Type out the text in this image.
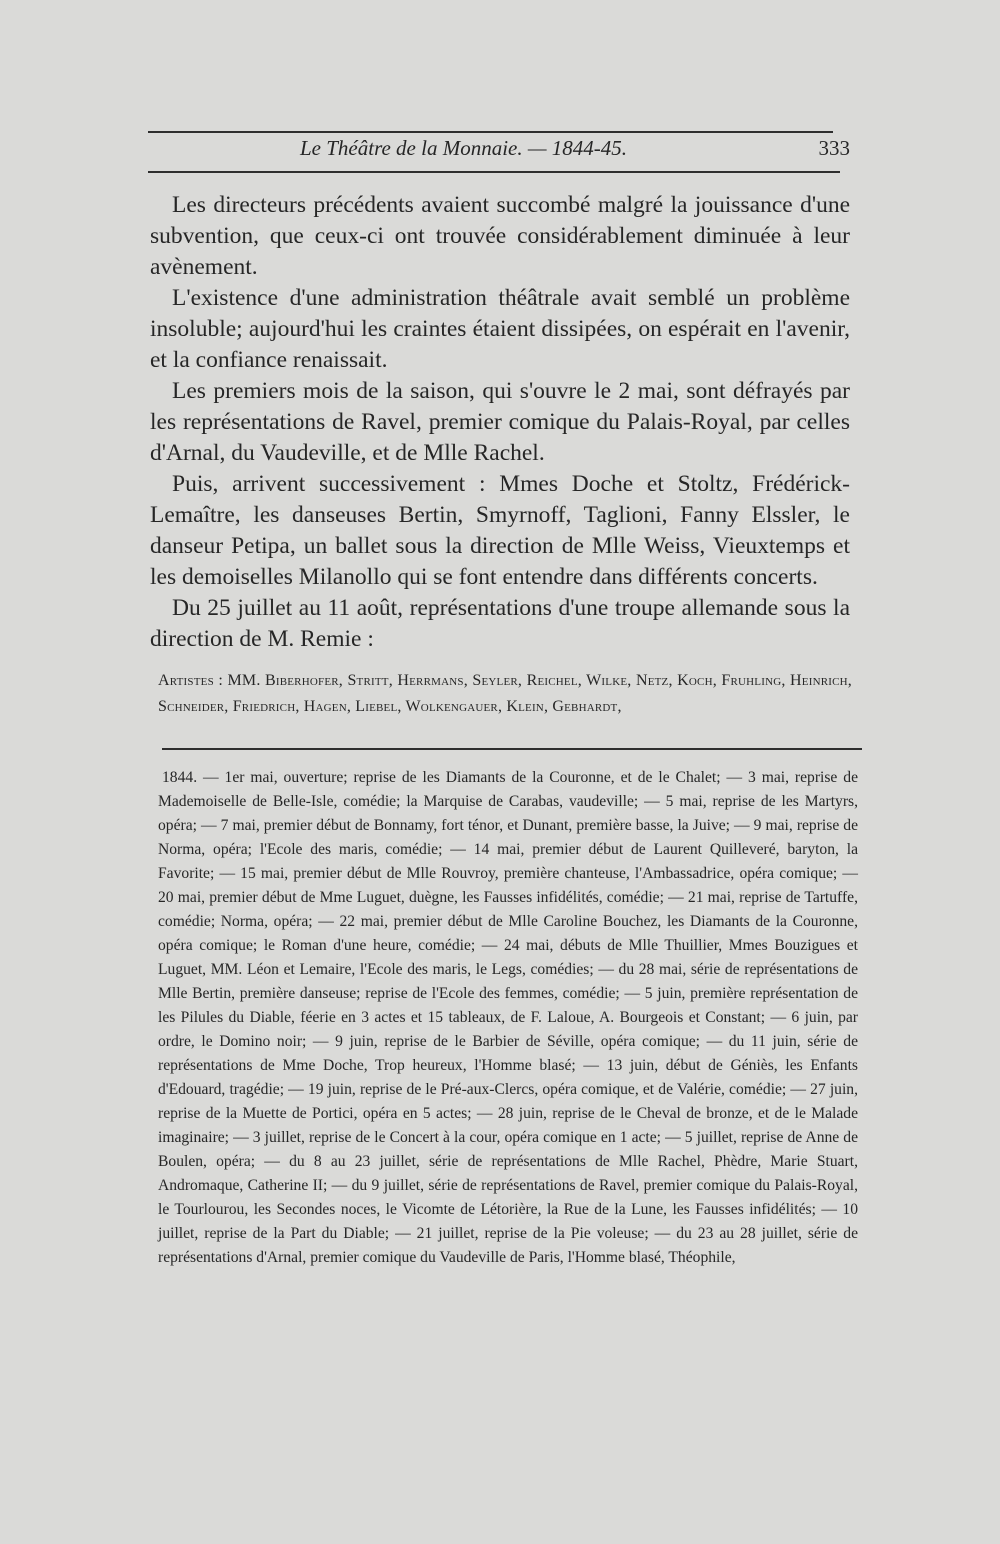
Le Théâtre de la Monnaie. — 1844-45.	333

Les directeurs précédents avaient succombé malgré la jouissance d'une subvention, que ceux-ci ont trouvée considérablement diminuée à leur avènement.

L'existence d'une administration théâtrale avait semblé un problème insoluble; aujourd'hui les craintes étaient dissipées, on espérait en l'avenir, et la confiance renaissait.

Les premiers mois de la saison, qui s'ouvre le 2 mai, sont défrayés par les représentations de Ravel, premier comique du Palais-Royal, par celles d'Arnal, du Vaudeville, et de Mlle Rachel.

Puis, arrivent successivement : Mmes Doche et Stoltz, Frédérick-Lemaître, les danseuses Bertin, Smyrnoff, Taglioni, Fanny Elssler, le danseur Petipa, un ballet sous la direction de Mlle Weiss, Vieuxtemps et les demoiselles Milanollo qui se font entendre dans différents concerts.

Du 25 juillet au 11 août, représentations d'une troupe allemande sous la direction de M. Remie :

Artistes : MM. Biberhofer, Stritt, Herrmans, Seyler, Reichel, Wilke, Netz, Koch, Fruhling, Heinrich, Schneider, Friedrich, Hagen, Liebel, Wolkengauer, Klein, Gebhardt,

1844. — 1er mai, ouverture; reprise de les Diamants de la Couronne, et de le Chalet; — 3 mai, reprise de Mademoiselle de Belle-Isle, comédie; la Marquise de Carabas, vaudeville; — 5 mai, reprise de les Martyrs, opéra; — 7 mai, premier début de Bonnamy, fort ténor, et Dunant, première basse, la Juive; — 9 mai, reprise de Norma, opéra; l'Ecole des maris, comédie; — 14 mai, premier début de Laurent Quilleveré, baryton, la Favorite; — 15 mai, premier début de Mlle Rouvroy, première chanteuse, l'Ambassadrice, opéra comique; — 20 mai, premier début de Mme Luguet, duègne, les Fausses infidélités, comédie; — 21 mai, reprise de Tartuffe, comédie; Norma, opéra; — 22 mai, premier début de Mlle Caroline Bouchez, les Diamants de la Couronne, opéra comique; le Roman d'une heure, comédie; — 24 mai, débuts de Mlle Thuillier, Mmes Bouzigues et Luguet, MM. Léon et Lemaire, l'Ecole des maris, le Legs, comédies; — du 28 mai, série de représentations de Mlle Bertin, première danseuse; reprise de l'Ecole des femmes, comédie; — 5 juin, première représentation de les Pilules du Diable, féerie en 3 actes et 15 tableaux, de F. Laloue, A. Bourgeois et Constant; — 6 juin, par ordre, le Domino noir; — 9 juin, reprise de le Barbier de Séville, opéra comique; — du 11 juin, série de représentations de Mme Doche, Trop heureux, l'Homme blasé; — 13 juin, début de Géniès, les Enfants d'Edouard, tragédie; — 19 juin, reprise de le Pré-aux-Clercs, opéra comique, et de Valérie, comédie; — 27 juin, reprise de la Muette de Portici, opéra en 5 actes; — 28 juin, reprise de le Cheval de bronze, et de le Malade imaginaire; — 3 juillet, reprise de le Concert à la cour, opéra comique en 1 acte; — 5 juillet, reprise de Anne de Boulen, opéra; — du 8 au 23 juillet, série de représentations de Mlle Rachel, Phèdre, Marie Stuart, Andromaque, Catherine II; — du 9 juillet, série de représentations de Ravel, premier comique du Palais-Royal, le Tourlourou, les Secondes noces, le Vicomte de Létorière, la Rue de la Lune, les Fausses infidélités; — 10 juillet, reprise de la Part du Diable; — 21 juillet, reprise de la Pie voleuse; — du 23 au 28 juillet, série de représentations d'Arnal, premier comique du Vaudeville de Paris, l'Homme blasé, Théophile,
